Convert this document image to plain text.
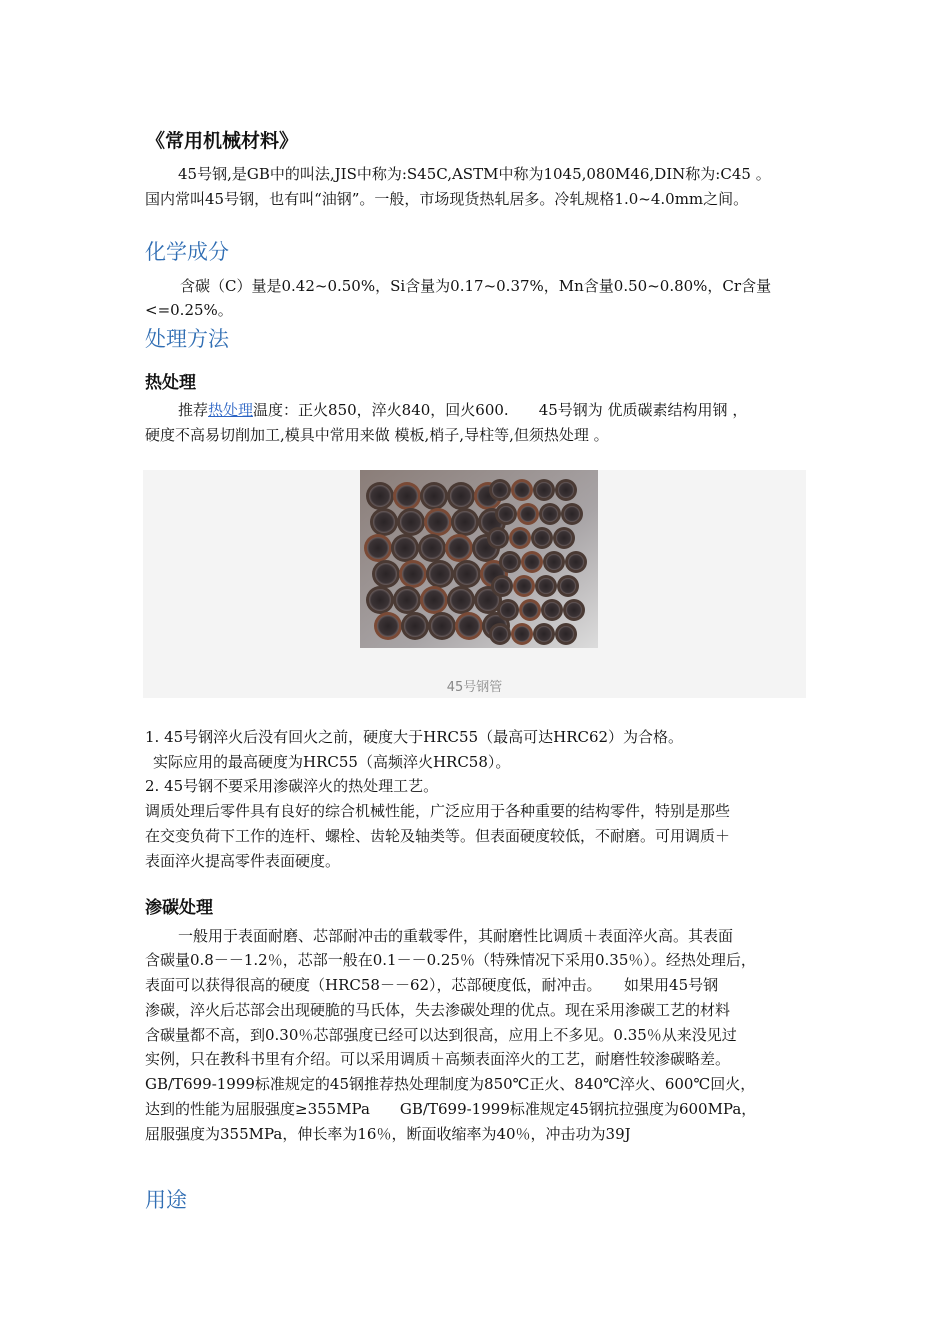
《常用机械材料》
45号钢,是GB中的叫法,JIS中称为:S45C,ASTM中称为1045,080M46,DIN称为:C45 。
国内常叫45号钢，也有叫“油钢”。一般，市场现货热轧居多。冷轧规格1.0~4.0mm之间。
化学成分
含碳（C）量是0.42~0.50%，Si含量为0.17~0.37%，Mn含量0.50~0.80%，Cr含量
<=0.25%。
处理方法
热处理
推荐热处理温度：正火850，淬火840，回火600.　　45号钢为 优质碳素结构用钢 ，
硬度不高易切削加工,模具中常用来做 模板,梢子,导柱等,但须热处理 。
45号钢管
1. 45号钢淬火后没有回火之前，硬度大于HRC55（最高可达HRC62）为合格。
实际应用的最高硬度为HRC55（高频淬火HRC58）。
2. 45号钢不要采用渗碳淬火的热处理工艺。
调质处理后零件具有良好的综合机械性能，广泛应用于各种重要的结构零件，特别是那些
在交变负荷下工作的连杆、螺栓、齿轮及轴类等。但表面硬度较低，不耐磨。可用调质＋
表面淬火提高零件表面硬度。
渗碳处理
一般用于表面耐磨、芯部耐冲击的重载零件，其耐磨性比调质＋表面淬火高。其表面
含碳量0.8－－1.2％，芯部一般在0.1－－0.25％（特殊情况下采用0.35％）。经热处理后，
表面可以获得很高的硬度（HRC58－－62），芯部硬度低，耐冲击。　　如果用45号钢
渗碳，淬火后芯部会出现硬脆的马氏体，失去渗碳处理的优点。现在采用渗碳工艺的材料
含碳量都不高，到0.30％芯部强度已经可以达到很高，应用上不多见。0.35％从来没见过
实例，只在教科书里有介绍。可以采用调质＋高频表面淬火的工艺，耐磨性较渗碳略差。
GB/T699-1999标准规定的45钢推荐热处理制度为850℃正火、840℃淬火、600℃回火，
达到的性能为屈服强度≥355MPa　　GB/T699-1999标准规定45钢抗拉强度为600MPa，
屈服强度为355MPa，伸长率为16％，断面收缩率为40％，冲击功为39J
用途
